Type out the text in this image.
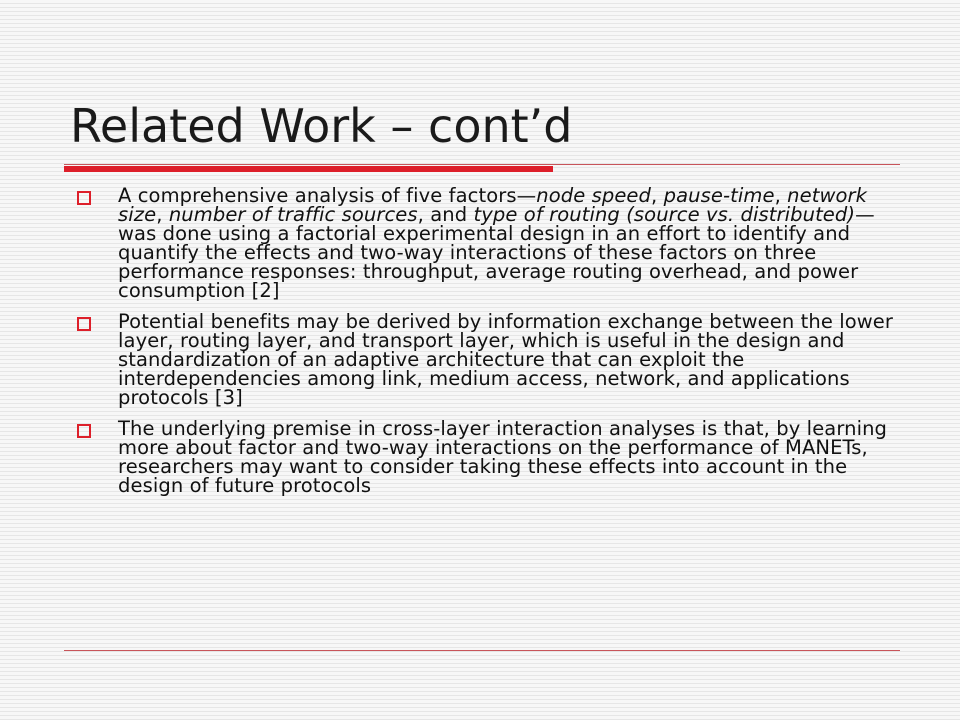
Related Work – cont’d
A comprehensive analysis of five factors—node speed, pause-time, network size, number of traffic sources, and type of routing (source vs. distributed)—was done using a factorial experimental design in an effort to identify and quantify the effects and two-way interactions of these factors on three performance responses: throughput, average routing overhead, and power consumption [2]
Potential benefits may be derived by information exchange between the lower layer, routing layer, and transport layer, which is useful in the design and standardization of an adaptive architecture that can exploit the interdependencies among link, medium access, network, and applications protocols [3]
The underlying premise in cross-layer interaction analyses is that, by learning more about factor and two-way interactions on the performance of MANETs, researchers may want to consider taking these effects into account in the design of future protocols
